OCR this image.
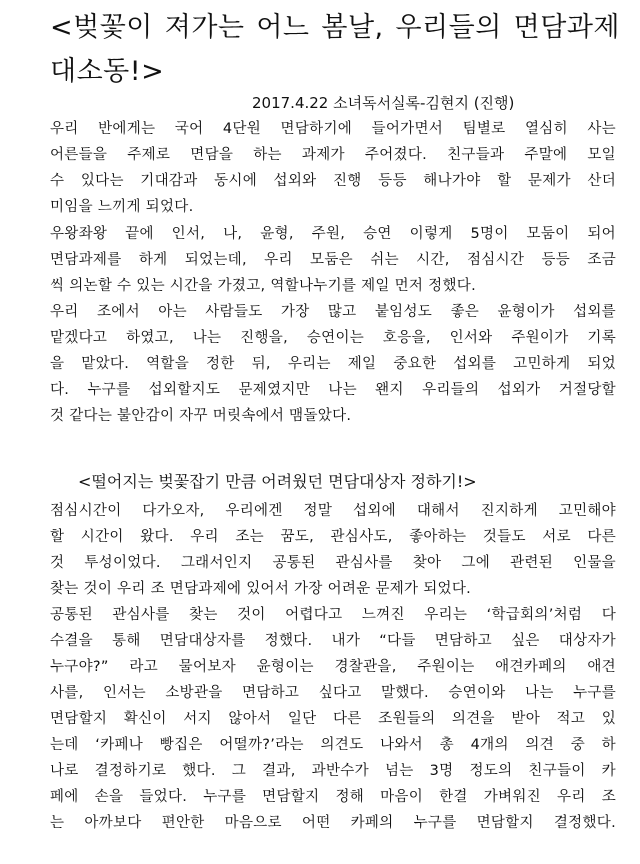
<벚꽃이 져가는 어느 봄날, 우리들의 면담과제 대소동!>
2017.4.22 소녀독서실록-김현지 (진행)

우리 반에게는 국어 4단원 면담하기에 들어가면서 팀별로 열심히 사는
어른들을 주제로 면담을 하는 과제가 주어졌다. 친구들과 주말에 모일
수 있다는 기대감과 동시에 섭외와 진행 등등 해나가야 할 문제가 산더
미임을 느끼게 되었다.

우왕좌왕 끝에 인서, 나, 윤형, 주원, 승연 이렇게 5명이 모둠이 되어
면담과제를 하게 되었는데, 우리 모둠은 쉬는 시간, 점심시간 등등 조금
씩 의논할 수 있는 시간을 가졌고, 역할나누기를 제일 먼저 정했다.

우리 조에서 아는 사람들도 가장 많고 붙임성도 좋은 윤형이가 섭외를
맡겠다고 하였고, 나는 진행을, 승연이는 호응을, 인서와 주원이가 기록
을 맡았다. 역할을 정한 뒤, 우리는 제일 중요한 섭외를 고민하게 되었
다. 누구를 섭외할지도 문제였지만 나는 왠지 우리들의 섭외가 거절당할
것 같다는 불안감이 자꾸 머릿속에서 맴돌았다.

<떨어지는 벚꽃잡기 만큼 어려웠던 면담대상자 정하기!>

점심시간이 다가오자, 우리에겐 정말 섭외에 대해서 진지하게 고민해야
할 시간이 왔다. 우리 조는 꿈도, 관심사도, 좋아하는 것들도 서로 다른
것 투성이었다. 그래서인지 공통된 관심사를 찾아 그에 관련된 인물을
찾는 것이 우리 조 면담과제에 있어서 가장 어려운 문제가 되었다.

공통된 관심사를 찾는 것이 어렵다고 느껴진 우리는 ‘학급회의’처럼 다
수결을 통해 면담대상자를 정했다. 내가 “다들 면담하고 싶은 대상자가
누구야?” 라고 물어보자 윤형이는 경찰관을, 주원이는 애견카페의 애견
사를, 인서는 소방관을 면담하고 싶다고 말했다. 승연이와 나는 누구를
면담할지 확신이 서지 않아서 일단 다른 조원들의 의견을 받아 적고 있
는데 ‘카페나 빵집은 어떨까?’라는 의견도 나와서 총 4개의 의견 중 하
나로 결정하기로 했다. 그 결과, 과반수가 넘는 3명 정도의 친구들이 카
페에 손을 들었다. 누구를 면담할지 정해 마음이 한결 가벼워진 우리 조
는 아까보다 편안한 마음으로 어떤 카페의 누구를 면담할지 결정했다.
